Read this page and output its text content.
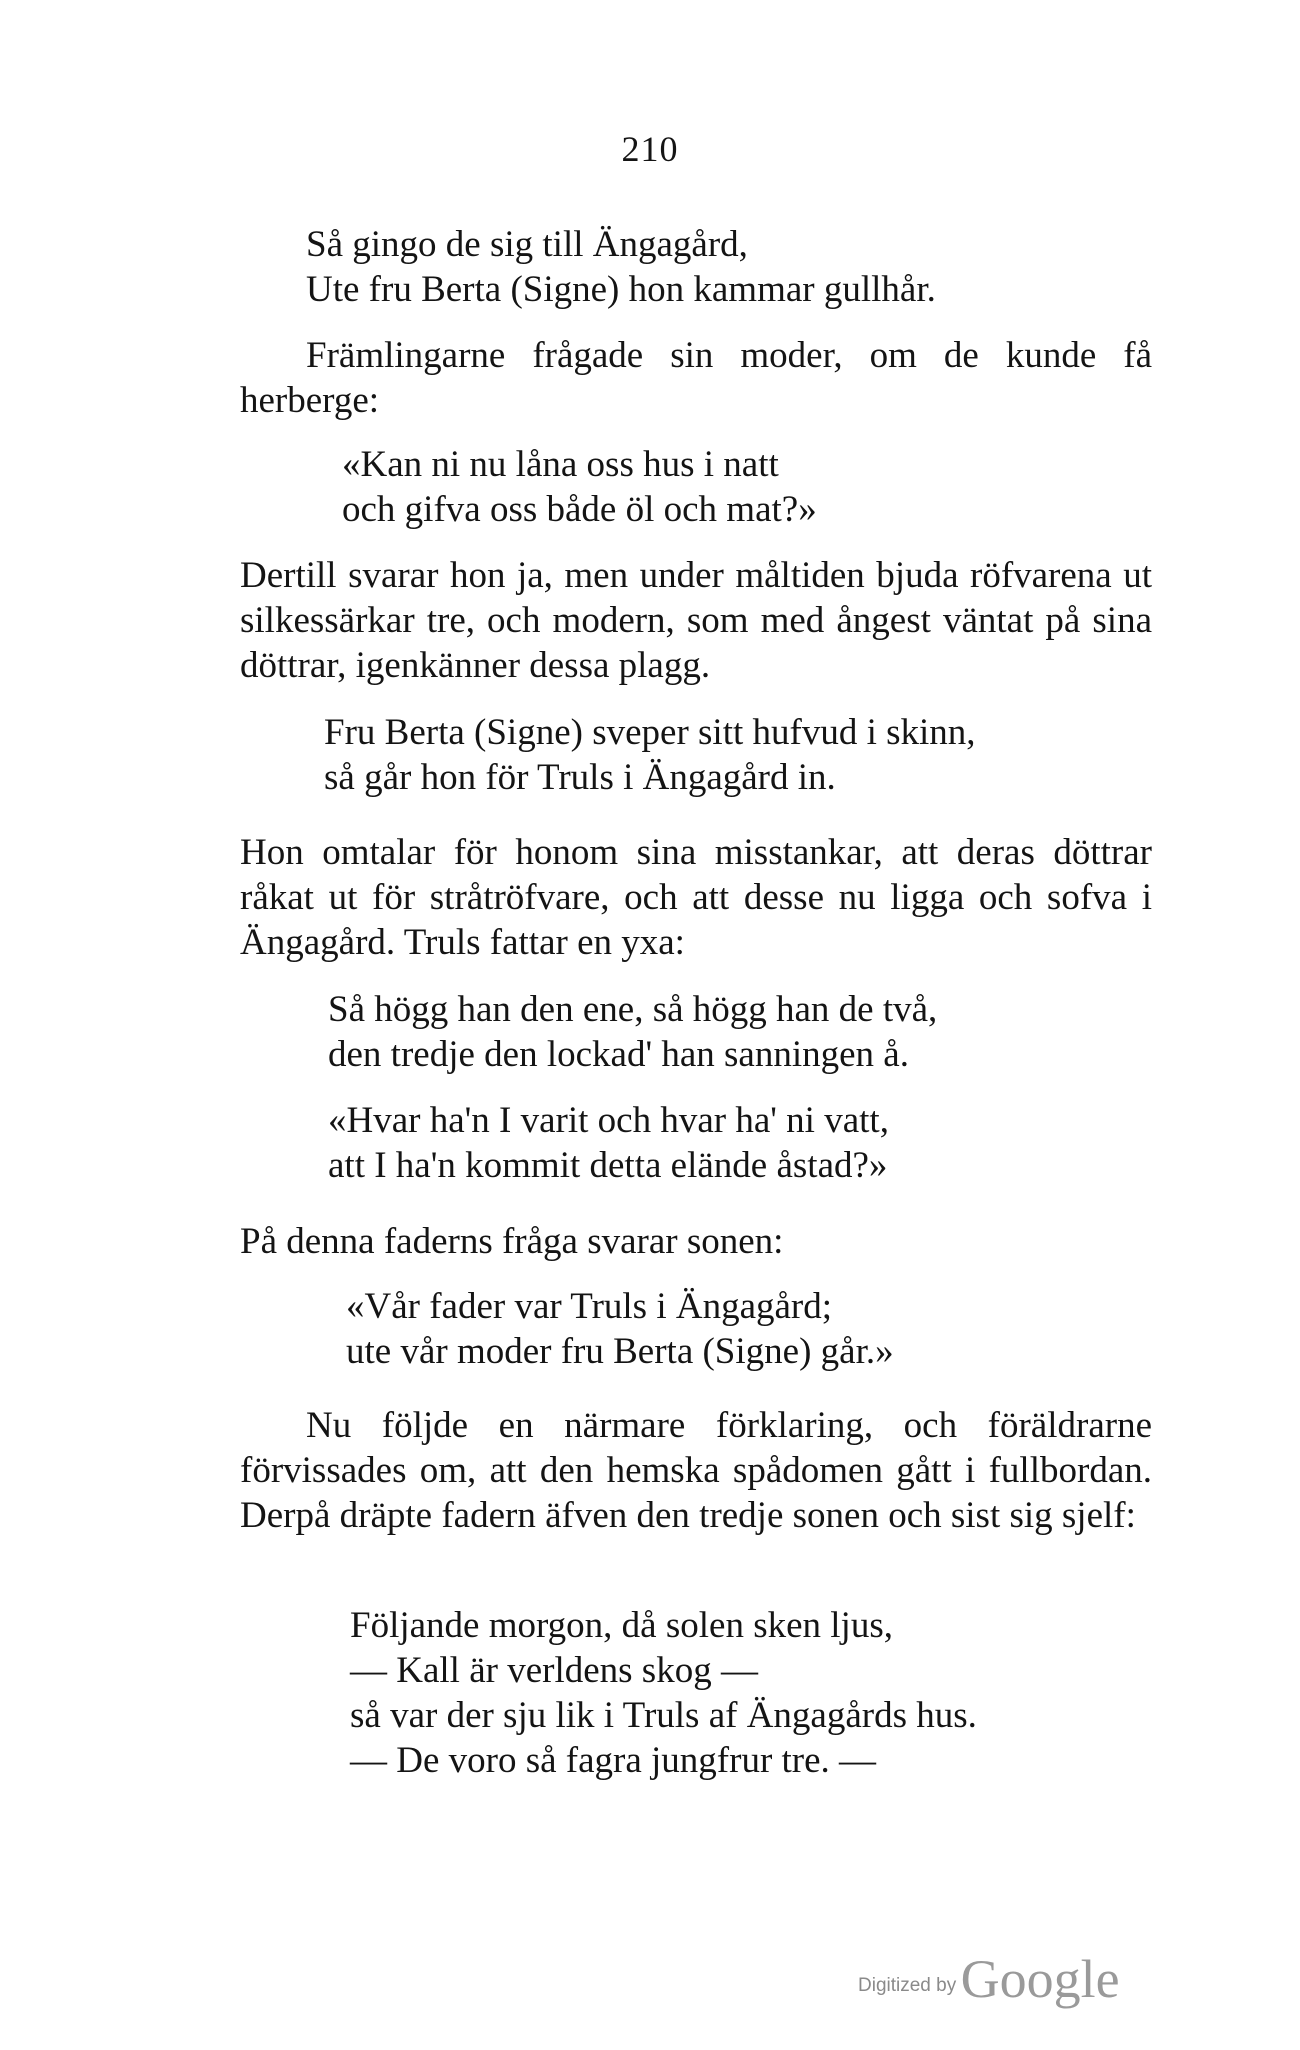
210
Så gingo de sig till Ängagård,
Ute fru Berta (Signe) hon kammar gullhår.
Främlingarne frågade sin moder, om de kunde få herberge:
«Kan ni nu låna oss hus i natt
och gifva oss både öl och mat?»
Dertill svarar hon ja, men under måltiden bjuda röfvarena ut silkessärkar tre, och modern, som med ångest väntat på sina döttrar, igenkänner dessa plagg.
Fru Berta (Signe) sveper sitt hufvud i skinn,
så går hon för Truls i Ängagård in.
Hon omtalar för honom sina misstankar, att deras döttrar råkat ut för stråtröfvare, och att desse nu ligga och sofva i Ängagård. Truls fattar en yxa:
Så högg han den ene, så högg han de två,
den tredje den lockad' han sanningen å.
«Hvar ha'n I varit och hvar ha' ni vatt,
att I ha'n kommit detta elände åstad?»
På denna faderns fråga svarar sonen:
«Vår fader var Truls i Ängagård;
ute vår moder fru Berta (Signe) går.»
Nu följde en närmare förklaring, och föräldrarne förvissades om, att den hemska spådomen gått i fullbordan. Derpå dräpte fadern äfven den tredje sonen och sist sig sjelf:
Följande morgon, då solen sken ljus,
— Kall är verldens skog —
så var der sju lik i Truls af Ängagårds hus.
— De voro så fagra jungfrur tre. —
Digitized by Google
